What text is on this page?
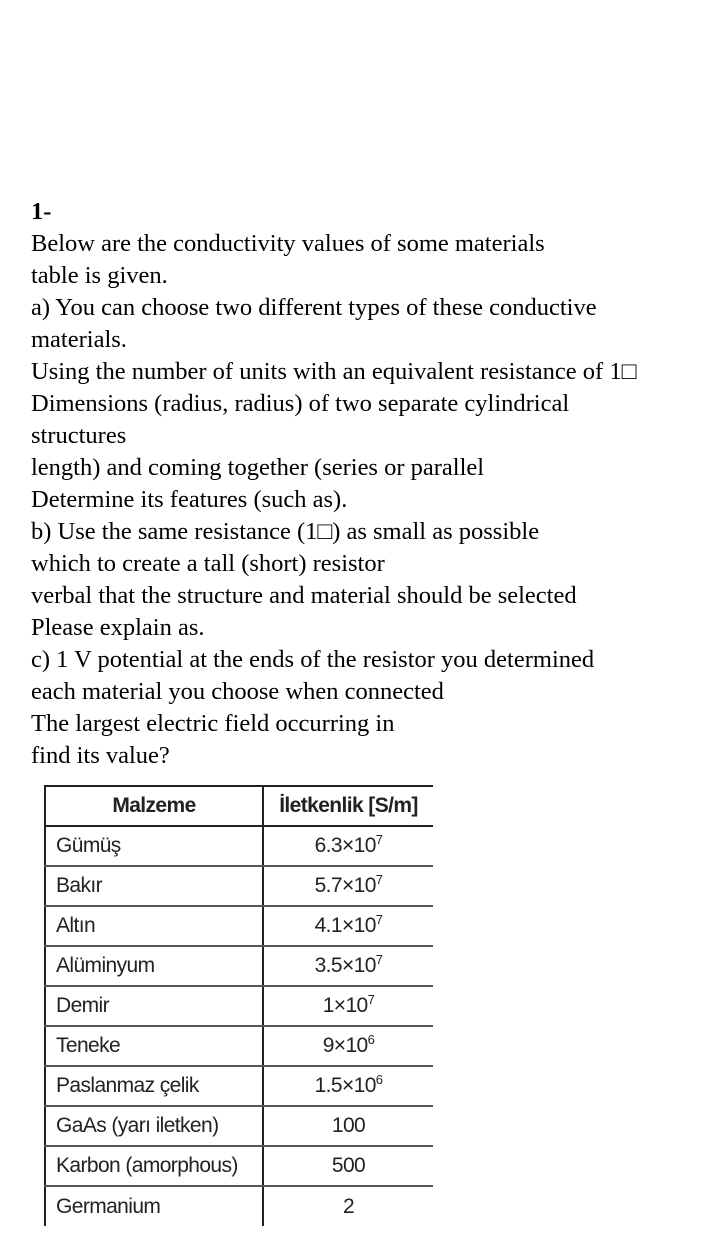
1-
Below are the conductivity values of some materials
table is given.
a) You can choose two different types of these conductive
materials.
Using the number of units with an equivalent resistance of 1□
Dimensions (radius, radius) of two separate cylindrical
structures
length) and coming together (series or parallel
Determine its features (such as).
b) Use the same resistance (1□) as small as possible
which to create a tall (short) resistor
verbal that the structure and material should be selected
Please explain as.
c) 1 V potential at the ends of the resistor you determined
each material you choose when connected
The largest electric field occurring in
find its value?
Malzeme	İletkenlik [S/m]
Gümüş	$6.3\times 10^7$
Bakır	$5.7\times 10^7$
Altın	$4.1\times 10^7$
Alüminyum	$3.5\times 10^7$
Demir	$1\times 10^7$
Teneke	$9\times 10^6$
Paslanmaz çelik	$1.5\times 10^6$
GaAs (yarı iletken)	100
Karbon (amorphous)	500
Germanium	2
